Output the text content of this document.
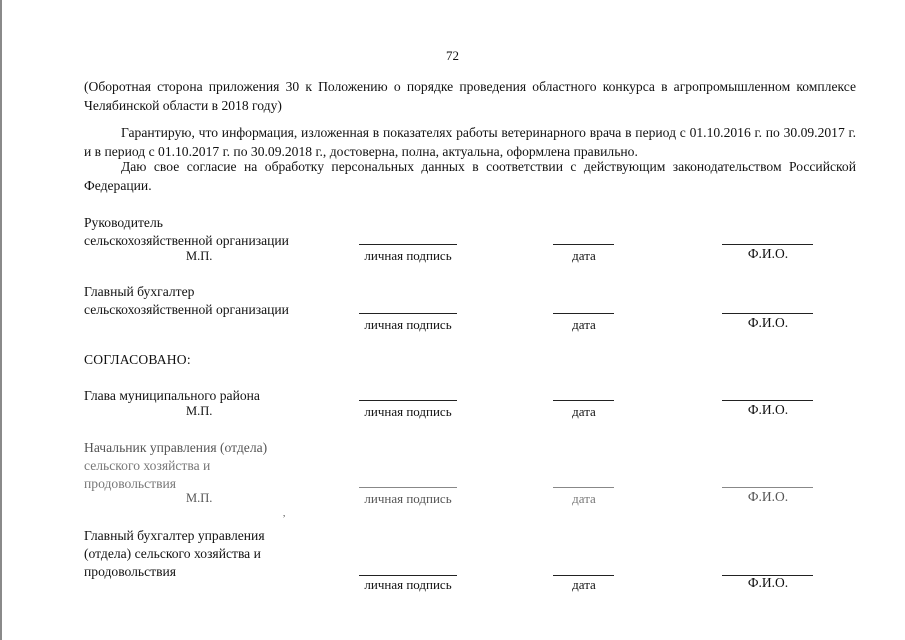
72

(Оборотная сторона приложения 30 к Положению о порядке проведения областного конкурса в агропромышленном комплексе Челябинской области в 2018 году)

Гарантирую, что информация, изложенная в показателях работы ветеринарного врача в период с 01.10.2016 г. по 30.09.2017 г. и в период с 01.10.2017 г. по 30.09.2018 г., достоверна, полна, актуальна, оформлена правильно.

Даю свое согласие на обработку персональных данных в соответствии с действующим законодательством Российской Федерации.

Руководитель
сельскохозяйственной организации
М.П.	личная подпись	дата	Ф.И.О.
Главный бухгалтер
сельскохозяйственной организации
личная подпись	дата	Ф.И.О.
СОГЛАСОВАНО:
Глава муниципального района
М.П.	личная подпись	дата	Ф.И.О.
Начальник управления (отдела)
сельского хозяйства и
продовольствия
М.П.	личная подпись	дата	Ф.И.О.
,
Главный бухгалтер управления
(отдела) сельского хозяйства и
продовольствия
личная подпись	дата	Ф.И.О.
